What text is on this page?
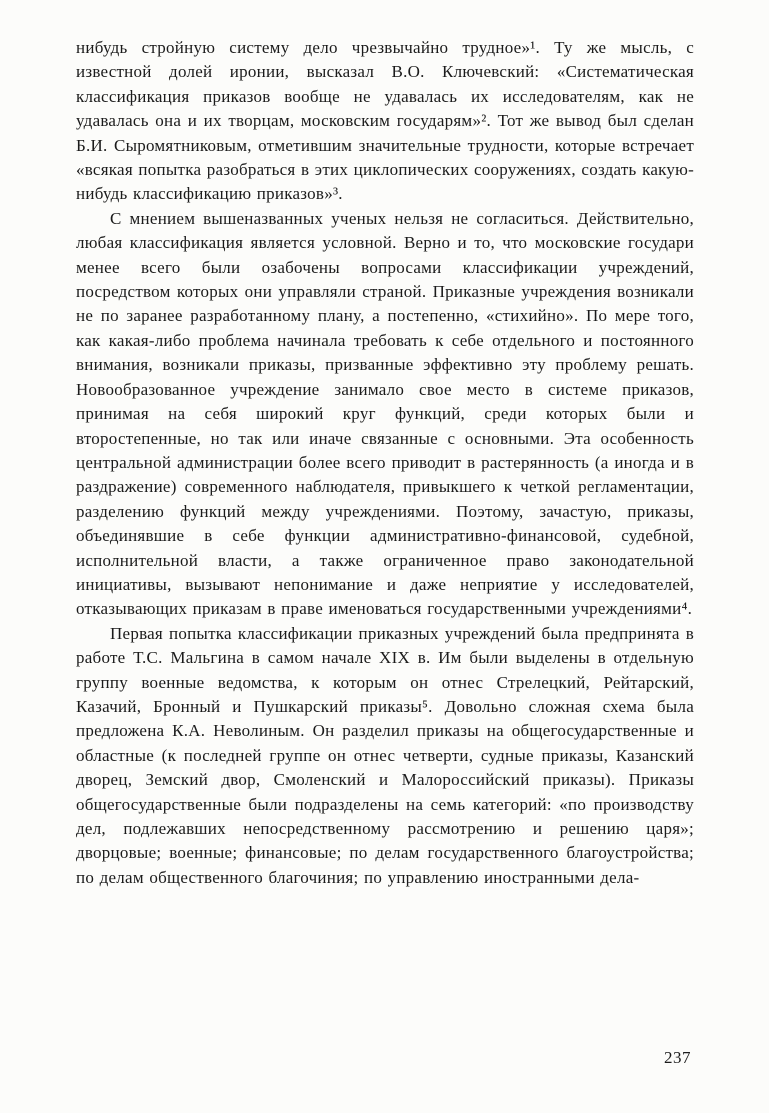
нибудь стройную систему дело чрезвычайно трудное»¹. Ту же мысль, с известной долей иронии, высказал В.О. Ключевский: «Систематическая классификация приказов вообще не удавалась их исследователям, как не удавалась она и их творцам, московским государям»². Тот же вывод был сделан Б.И. Сыромятниковым, отметившим значительные трудности, которые встречает «всякая попытка разобраться в этих циклопических сооружениях, создать какую-нибудь классификацию приказов»³.

С мнением вышеназванных ученых нельзя не согласиться. Действительно, любая классификация является условной. Верно и то, что московские государи менее всего были озабочены вопросами классификации учреждений, посредством которых они управляли страной. Приказные учреждения возникали не по заранее разработанному плану, а постепенно, «стихийно». По мере того, как какая-либо проблема начинала требовать к себе отдельного и постоянного внимания, возникали приказы, призванные эффективно эту проблему решать. Новообразованное учреждение занимало свое место в системе приказов, принимая на себя широкий круг функций, среди которых были и второстепенные, но так или иначе связанные с основными. Эта особенность центральной администрации более всего приводит в растерянность (а иногда и в раздражение) современного наблюдателя, привыкшего к четкой регламентации, разделению функций между учреждениями. Поэтому, зачастую, приказы, объединявшие в себе функции административно-финансовой, судебной, исполнительной власти, а также ограниченное право законодательной инициативы, вызывают непонимание и даже неприятие у исследователей, отказывающих приказам в праве именоваться государственными учреждениями⁴.

Первая попытка классификации приказных учреждений была предпринята в работе Т.С. Мальгина в самом начале XIX в. Им были выделены в отдельную группу военные ведомства, к которым он отнес Стрелецкий, Рейтарский, Казачий, Бронный и Пушкарский приказы⁵. Довольно сложная схема была предложена К.А. Неволиным. Он разделил приказы на общегосударственные и областные (к последней группе он отнес четверти, судные приказы, Казанский дворец, Земский двор, Смоленский и Малороссийский приказы). Приказы общегосударственные были подразделены на семь категорий: «по производству дел, подлежавших непосредственному рассмотрению и решению царя»; дворцовые; военные; финансовые; по делам государственного благоустройства; по делам общественного благочиния; по управлению иностранными дела-

237
